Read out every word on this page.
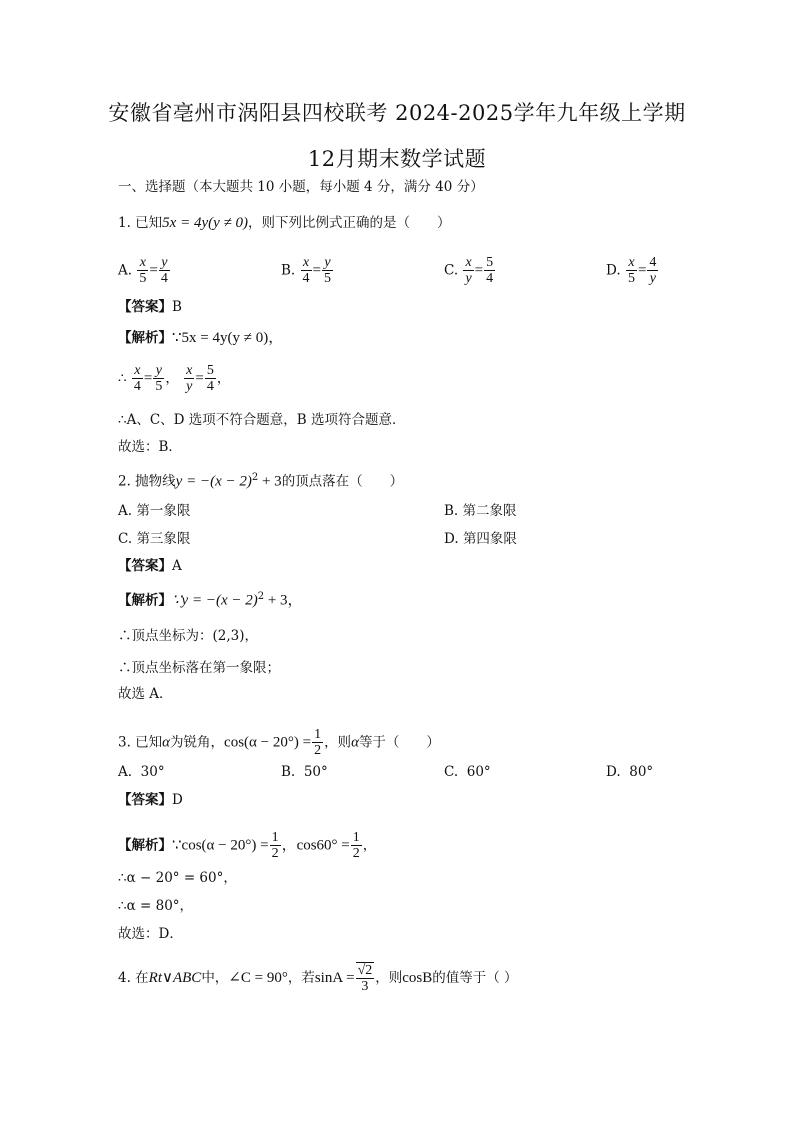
安徽省亳州市涡阳县四校联考 2024-2025学年九年级上学期
12月期末数学试题
一、选择题（本大题共 10 小题，每小题 4 分，满分 40 分）
1. 已知5x = 4y(y ≠ 0)，则下列比例式正确的是（　　）
A. $\frac{x}{5} = \frac{y}{4}$	B. $\frac{x}{4} = \frac{y}{5}$	C. $\frac{x}{y} = \frac{5}{4}$	D. $\frac{x}{5} = \frac{4}{y}$
【答案】B
【解析】∵5x = 4y(y ≠ 0)，
∴ $\frac{x}{4} = \frac{y}{5}$ ， $\frac{x}{y} = \frac{5}{4}$ ，
∴A、C、D 选项不符合题意，B 选项符合题意．
故选：B．
2. 抛物线$y = -(x - 2)^2 + 3$的顶点落在（　　）
A. 第一象限	B. 第二象限
C. 第三象限	D. 第四象限
【答案】A
【解析】∵y = $-(x - 2)^2 + 3$，
∴顶点坐标为：(2,3)，
∴顶点坐标落在第一象限；
故选 A．
3. 已知α为锐角，$\cos(\alpha - 20^\circ) = \frac{1}{2}$ ，则α等于（　　）
A. 30°	B. 50°	C. 60°	D. 80°
【答案】D
【解析】∵cos(α − $20^\circ) = \frac{1}{2}$ ，$\cos 60^\circ = \frac{1}{2}$ ，
∴α − 20° = 60°，
∴α = 80°，
故选：D．
4. 在Rt∨ABC中，∠C = 90°，若$\sin A = \frac{√2}{3}$ ，则cosB的值等于（ ）
